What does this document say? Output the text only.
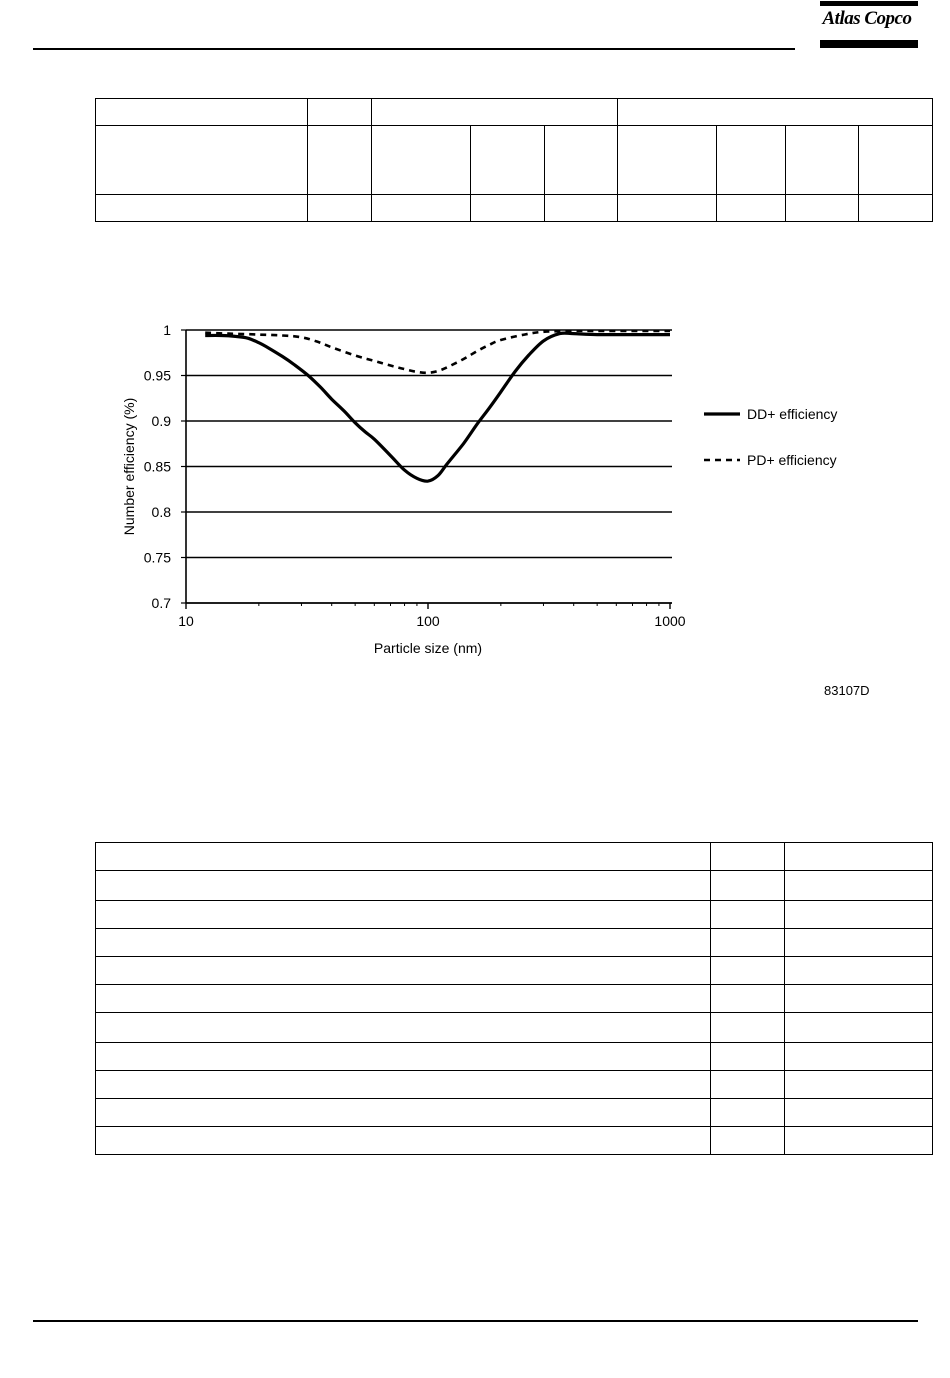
Atlas Copco

1
0.95
0.9
0.85
0.8
0.75
0.7
10	100	1000
Particle size (nm)
Number efficiency (%)	DD+ efficiency
PD+ efficiency
83107D
